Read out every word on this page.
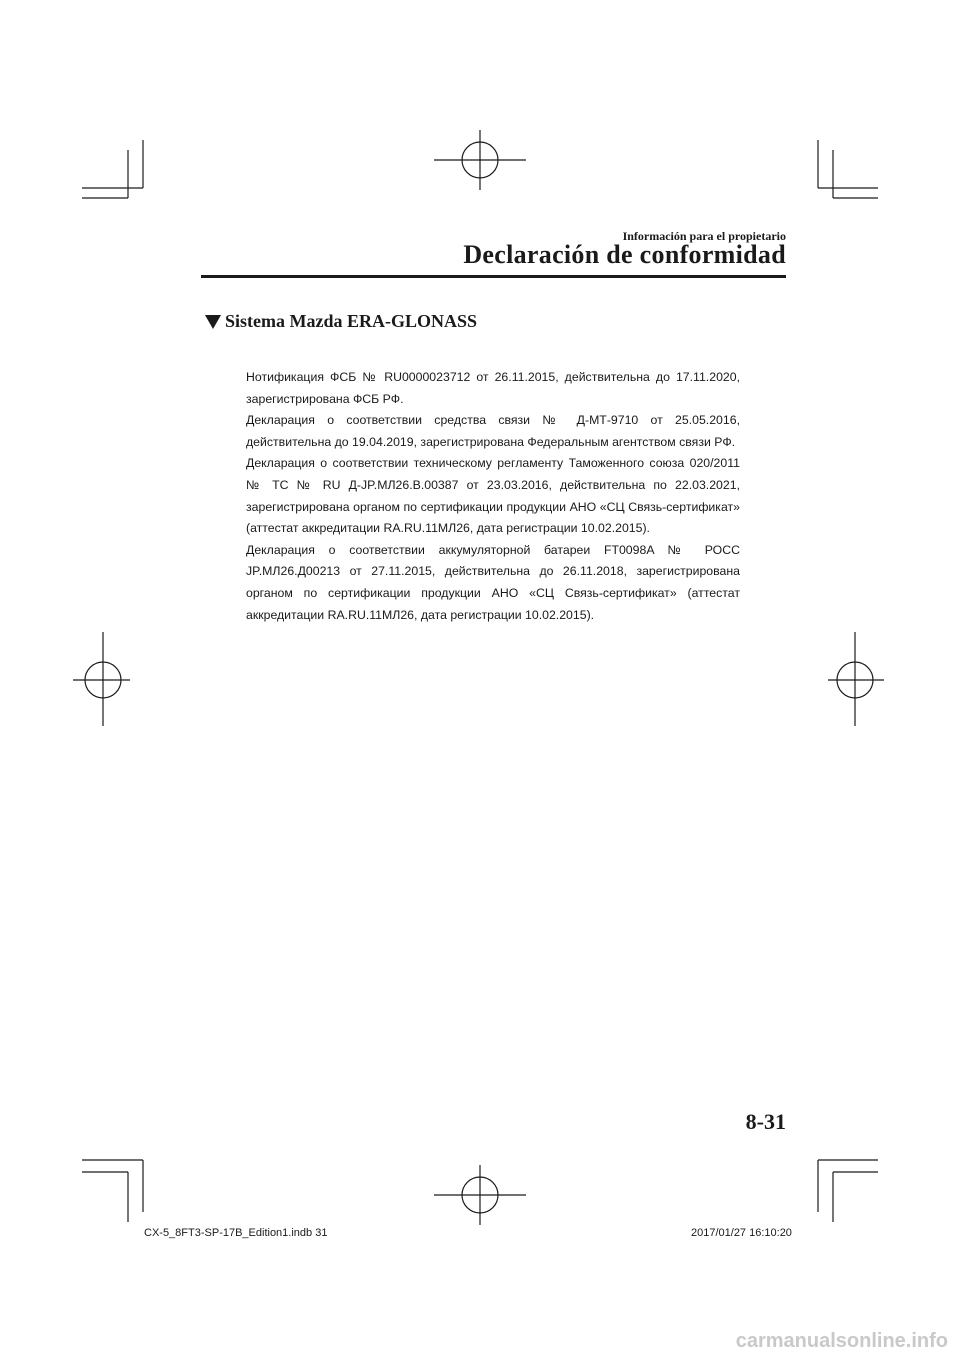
Información para el propietario
Declaración de conformidad
Sistema Mazda ERA-GLONASS

Нотификация ФСБ № RU0000023712 от 26.11.2015, действительна до 17.11.2020, зарегистрирована ФСБ РФ.

Декларация о соответствии средства связи № Д-МТ-9710 от 25.05.2016, действительна до 19.04.2019, зарегистрирована Федеральным агентством связи РФ.

Декларация о соответствии техническому регламенту Таможенного союза 020/2011 № ТС № RU Д-JP.МЛ26.В.00387 от 23.03.2016, действительна по 22.03.2021, зарегистрирована органом по сертификации продукции АНО «СЦ Связь-сертификат» (аттестат аккредитации RA.RU.11МЛ26, дата регистрации 10.02.2015).

Декларация о соответствии аккумуляторной батареи FT0098A № РОСС JP.МЛ26.Д00213 от 27.11.2015, действительна до 26.11.2018, зарегистрирована органом по сертификации продукции АНО «СЦ Связь-сертификат» (аттестат аккредитации RA.RU.11МЛ26, дата регистрации 10.02.2015).

8-31
CX-5_8FT3-SP-17B_Edition1.indb 31	2017/01/27 16:10:20
carmanualsonline.info
